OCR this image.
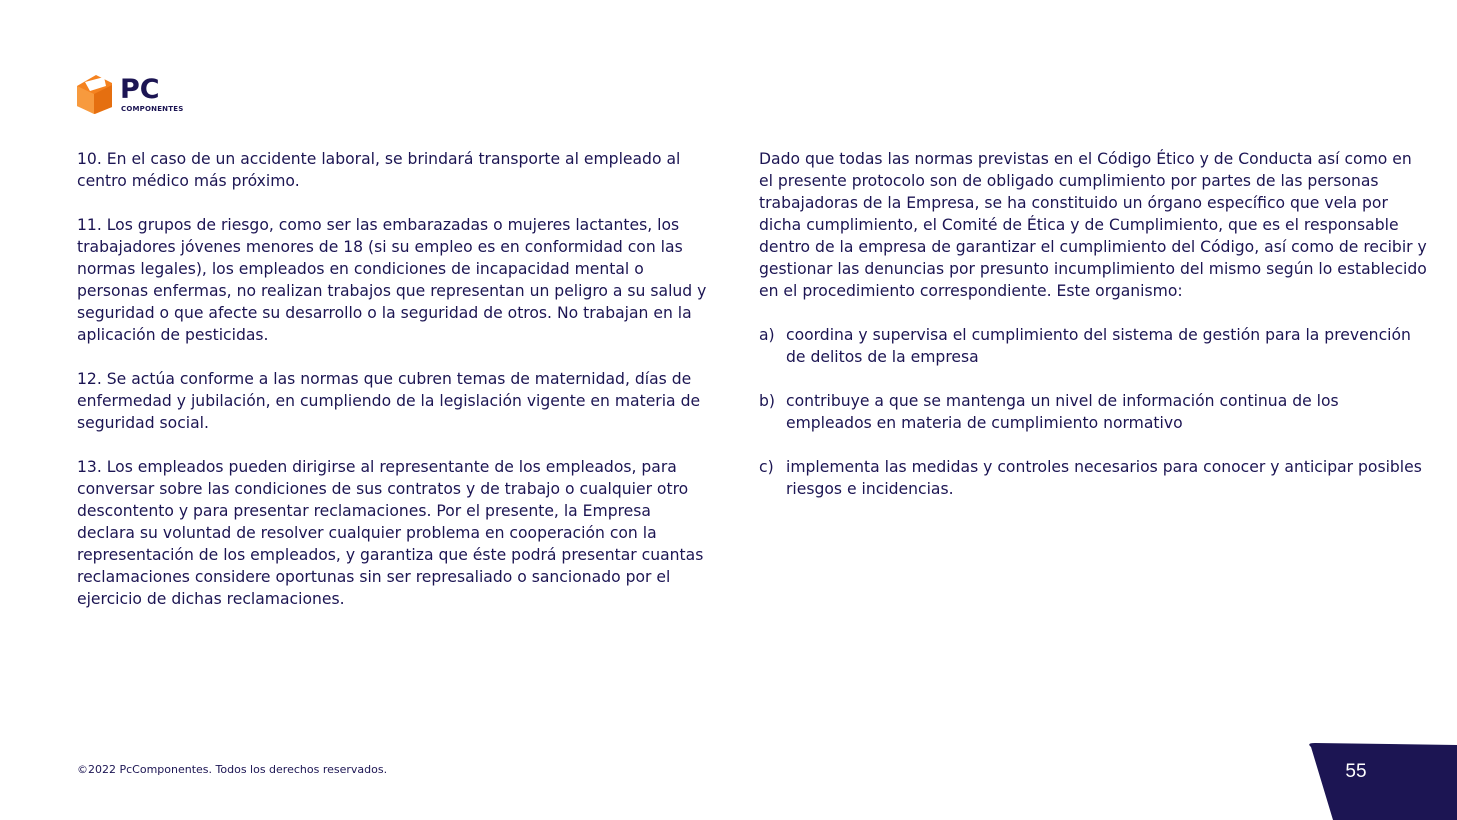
PC
COMPONENTES

10. En el caso de un accidente laboral, se brindará transporte al empleado al centro médico más próximo.

11. Los grupos de riesgo, como ser las embarazadas o mujeres lactantes, los trabajadores jóvenes menores de 18 (si su empleo es en conformidad con las normas legales), los empleados en condiciones de incapacidad mental o personas enfermas, no realizan trabajos que representan un peligro a su salud y seguridad o que afecte su desarrollo o la seguridad de otros. No trabajan en la aplicación de pesticidas.

12. Se actúa conforme a las normas que cubren temas de maternidad, días de enfermedad y jubilación, en cumpliendo de la legislación vigente en materia de seguridad social.

13. Los empleados pueden dirigirse al representante de los empleados, para conversar sobre las condiciones de sus contratos y de trabajo o cualquier otro descontento y para presentar reclamaciones. Por el presente, la Empresa declara su voluntad de resolver cualquier problema en cooperación con la representación de los empleados, y garantiza que éste podrá presentar cuantas reclamaciones considere oportunas sin ser represaliado o sancionado por el ejercicio de dichas reclamaciones.

Dado que todas las normas previstas en el Código Ético y de Conducta así como en el presente protocolo son de obligado cumplimiento por partes de las personas trabajadoras de la Empresa, se ha constituido un órgano específico que vela por dicha cumplimiento, el Comité de Ética y de Cumplimiento, que es el responsable dentro de la empresa de garantizar el cumplimiento del Código, así como de recibir y gestionar las denuncias por presunto incumplimiento del mismo según lo establecido en el procedimiento correspondiente. Este organismo:

a) coordina y supervisa el cumplimiento del sistema de gestión para la prevención de delitos de la empresa
b) contribuye a que se mantenga un nivel de información continua de los empleados en materia de cumplimiento normativo
c) implementa las medidas y controles necesarios para conocer y anticipar posibles riesgos e incidencias.
©2022 PcComponentes. Todos los derechos reservados.	55
